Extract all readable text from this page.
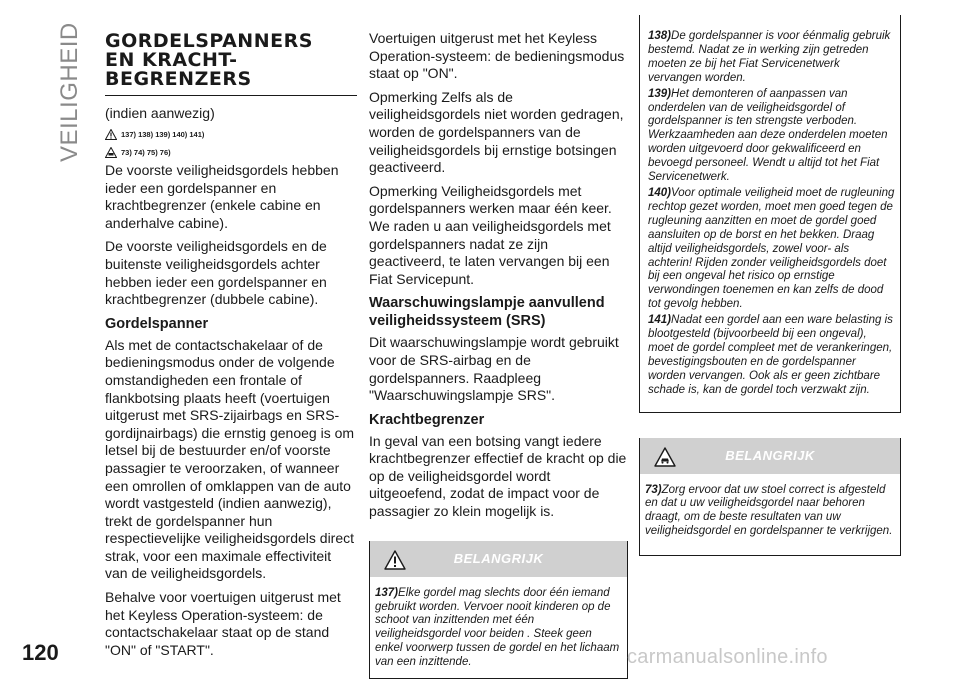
VEILIGHEID GORDELSPANNERS
EN KRACHT-
BEGRENZERS
(indien aanwezig)
137) 138) 139) 140) 141)
73) 74) 75) 76)

De voorste veiligheidsgordels hebben ieder een gordelspanner en krachtbegrenzer (enkele cabine en anderhalve cabine).

De voorste veiligheidsgordels en de buitenste veiligheidsgordels achter hebben ieder een gordelspanner en krachtbegrenzer (dubbele cabine).

Gordelspanner

Als met de contactschakelaar of de bedieningsmodus onder de volgende omstandigheden een frontale of flankbotsing plaats heeft (voertuigen uitgerust met SRS-zijairbags en SRS-gordijnairbags) die ernstig genoeg is om letsel bij de bestuurder en/of voorste passagier te veroorzaken, of wanneer een omrollen of omklappen van de auto wordt vastgesteld (indien aanwezig), trekt de gordelspanner hun respectievelijke veiligheidsgordels direct strak, voor een maximale effectiviteit van de veiligheidsgordels.

Behalve voor voertuigen uitgerust met het Keyless Operation-systeem: de contactschakelaar staat op de stand "ON" of "START".

Voertuigen uitgerust met het Keyless Operation-systeem: de bedieningsmodus staat op "ON".

Opmerking Zelfs als de veiligheidsgordels niet worden gedragen, worden de gordelspanners van de veiligheidsgordels bij ernstige botsingen geactiveerd.

Opmerking Veiligheidsgordels met gordelspanners werken maar één keer. We raden u aan veiligheidsgordels met gordelspanners nadat ze zijn geactiveerd, te laten vervangen bij een Fiat Servicepunt.

Waarschuwingslampje aanvullend veiligheidssysteem (SRS)

Dit waarschuwingslampje wordt gebruikt voor de SRS-airbag en de gordelspanners. Raadpleeg "Waarschuwingslampje SRS".

Krachtbegrenzer

In geval van een botsing vangt iedere krachtbegrenzer effectief de kracht op die op de veiligheidsgordel wordt uitgeoefend, zodat de impact voor de passagier zo klein mogelijk is.

BELANGRIJK

137)Elke gordel mag slechts door één iemand gebruikt worden. Vervoer nooit kinderen op de schoot van inzittenden met één veiligheidsgordel voor beiden . Steek geen enkel voorwerp tussen de gordel en het lichaam van een inzittende.

138)De gordelspanner is voor éénmalig gebruik bestemd. Nadat ze in werking zijn getreden moeten ze bij het Fiat Servicenetwerk vervangen worden.

139)Het demonteren of aanpassen van onderdelen van de veiligheidsgordel of gordelspanner is ten strengste verboden. Werkzaamheden aan deze onderdelen moeten worden uitgevoerd door gekwalificeerd en bevoegd personeel. Wendt u altijd tot het Fiat Servicenetwerk.

140)Voor optimale veiligheid moet de rugleuning rechtop gezet worden, moet men goed tegen de rugleuning aanzitten en moet de gordel goed aansluiten op de borst en het bekken. Draag altijd veiligheidsgordels, zowel voor- als achterin! Rijden zonder veiligheidsgordels doet bij een ongeval het risico op ernstige verwondingen toenemen en kan zelfs de dood tot gevolg hebben.

141)Nadat een gordel aan een ware belasting is blootgesteld (bijvoorbeeld bij een ongeval), moet de gordel compleet met de verankeringen, bevestigingsbouten en de gordelspanner worden vervangen. Ook als er geen zichtbare schade is, kan de gordel toch verzwakt zijn.

BELANGRIJK

73)Zorg ervoor dat uw stoel correct is afgesteld en dat u uw veiligheidsgordel naar behoren draagt, om de beste resultaten van uw veiligheidsgordel en gordelspanner te verkrijgen.

120	carmanualsonline.info
